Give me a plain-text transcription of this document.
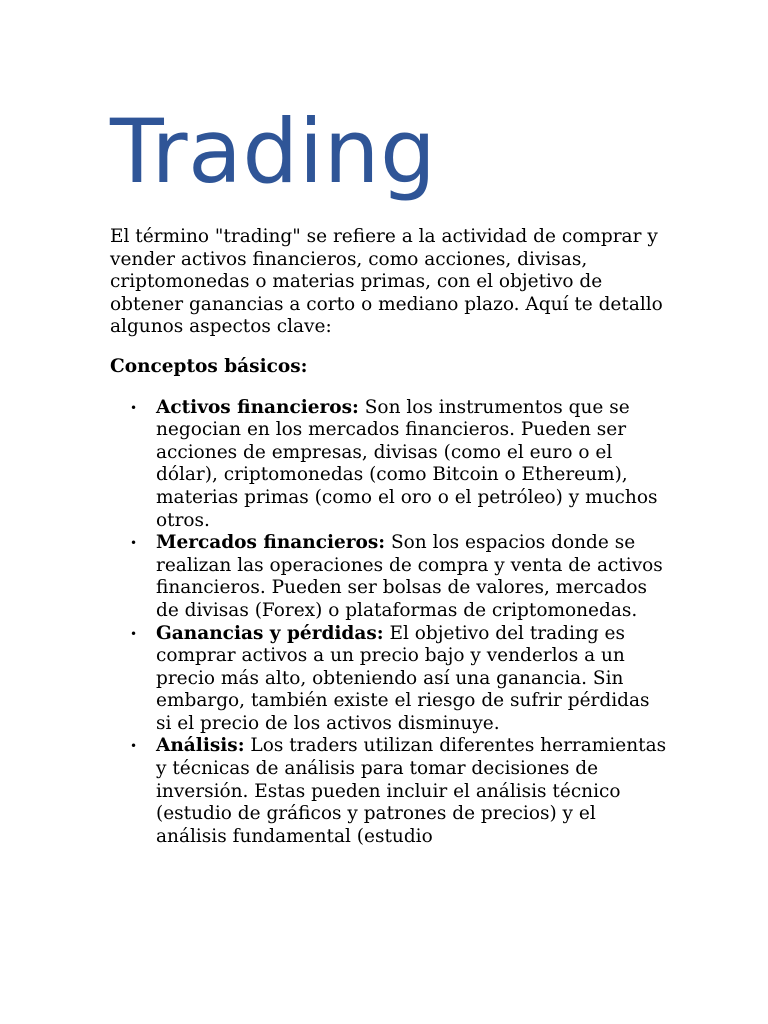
Trading

El término "trading" se refiere a la actividad de comprar y vender activos financieros, como acciones, divisas, criptomonedas o materias primas, con el objetivo de obtener ganancias a corto o mediano plazo. Aquí te detallo algunos aspectos clave:

Conceptos básicos:

• Activos financieros: Son los instrumentos que se negocian en los mercados financieros. Pueden ser acciones de empresas, divisas (como el euro o el dólar), criptomonedas (como Bitcoin o Ethereum), materias primas (como el oro o el petróleo) y muchos otros.
• Mercados financieros: Son los espacios donde se realizan las operaciones de compra y venta de activos financieros. Pueden ser bolsas de valores, mercados de divisas (Forex) o plataformas de criptomonedas.
• Ganancias y pérdidas: El objetivo del trading es comprar activos a un precio bajo y venderlos a un precio más alto, obteniendo así una ganancia. Sin embargo, también existe el riesgo de sufrir pérdidas si el precio de los activos disminuye.
• Análisis: Los traders utilizan diferentes herramientas y técnicas de análisis para tomar decisiones de inversión. Estas pueden incluir el análisis técnico (estudio de gráficos y patrones de precios) y el análisis fundamental (estudio
